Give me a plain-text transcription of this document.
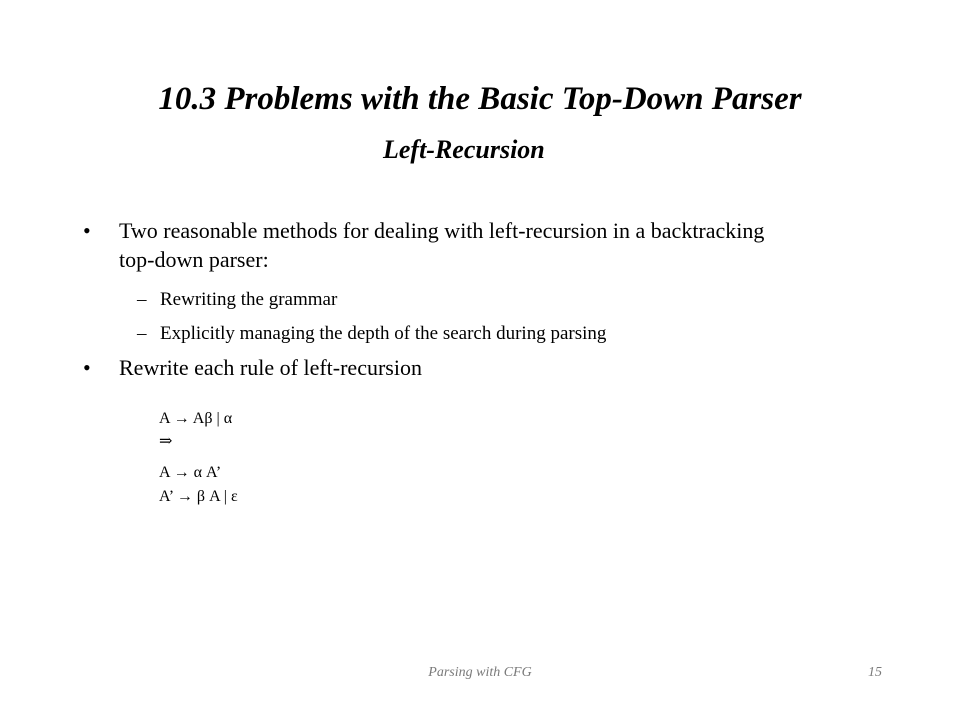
10.3 Problems with the Basic Top-Down Parser
Left-Recursion
• Two reasonable methods for dealing with left-recursion in a backtracking top-down parser:
– Rewriting the grammar
– Explicitly managing the depth of the search during parsing
• Rewrite each rule of left-recursion
A → Aβ | α
⇒
A → α A’
A’ → β A | ε
Parsing with CFG	15
